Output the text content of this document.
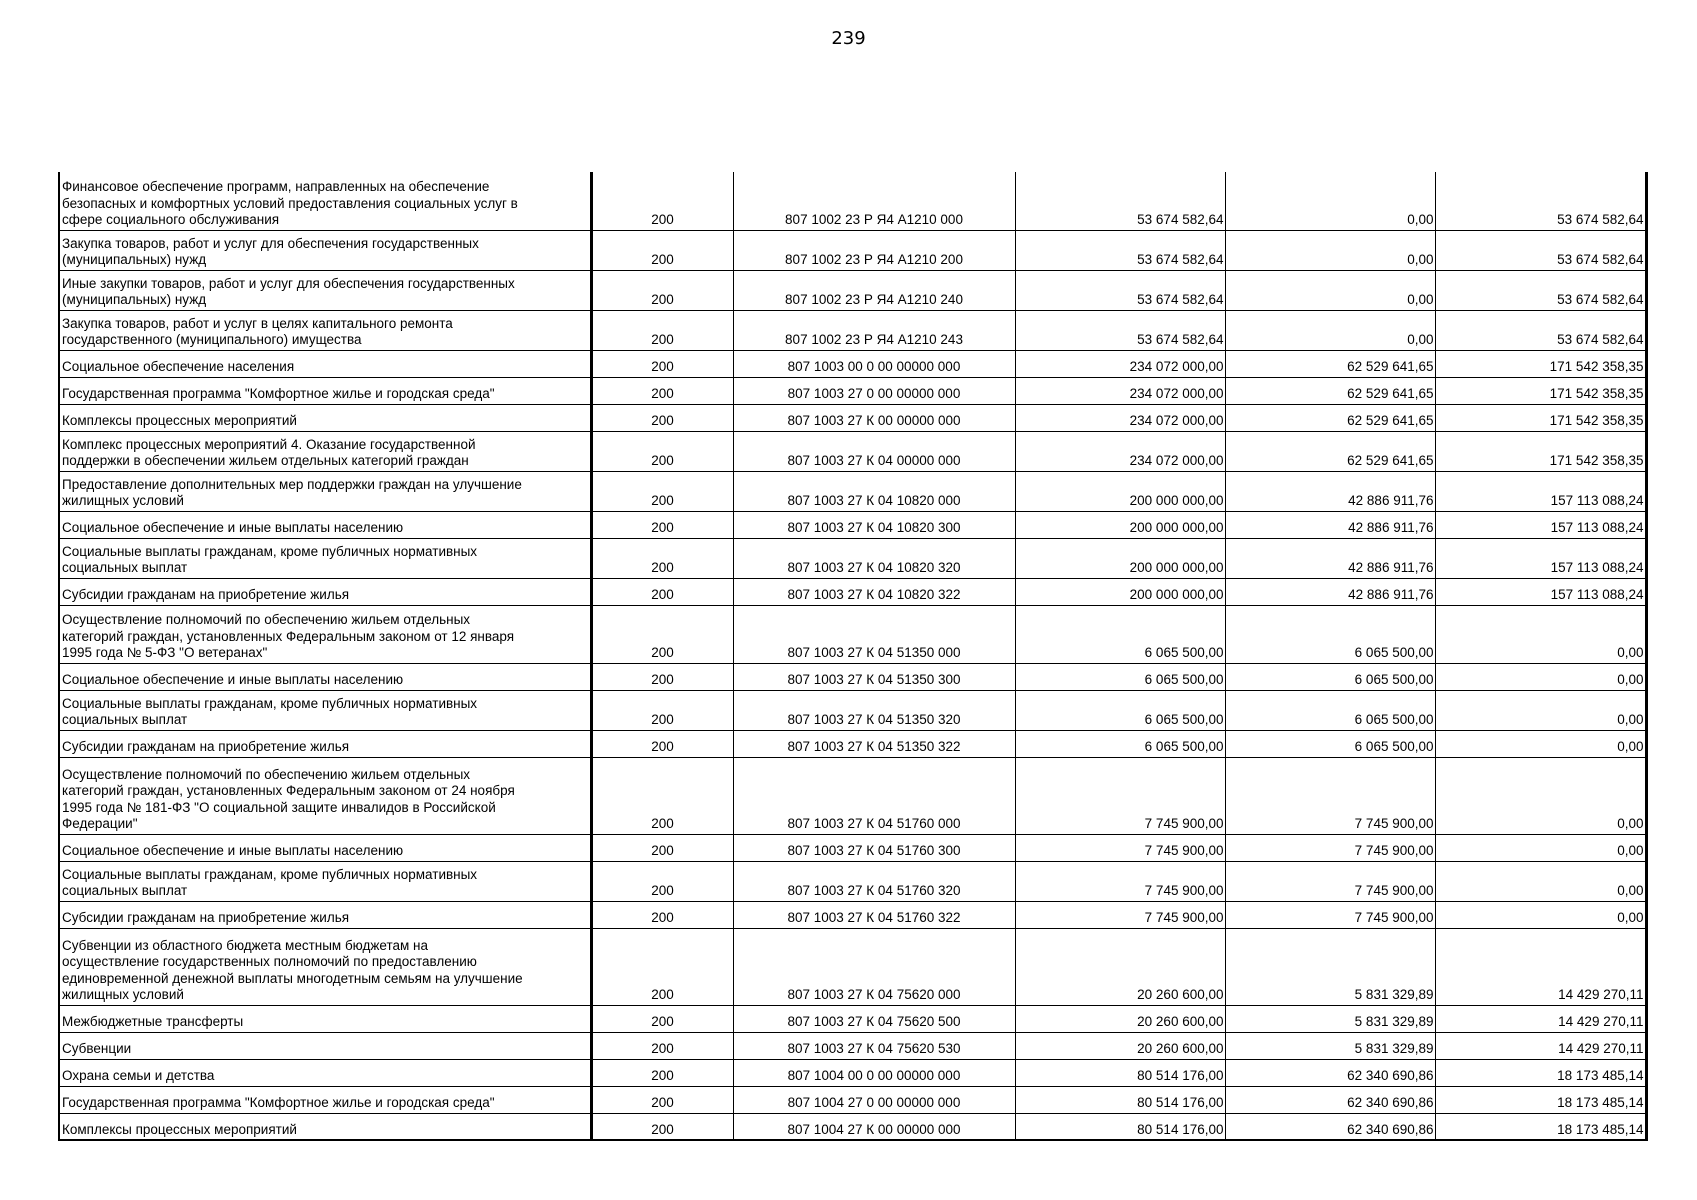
239
Финансовое обеспечение программ, направленных на обеспечение
безопасных и комфортных условий предоставления социальных услуг в
сфере социального обслуживания	200	807 1002 23 Р Я4 А1210 000	53 674 582,64	0,00	53 674 582,64
Закупка товаров, работ и услуг для обеспечения государственных
(муниципальных) нужд	200	807 1002 23 Р Я4 А1210 200	53 674 582,64	0,00	53 674 582,64
Иные закупки товаров, работ и услуг для обеспечения государственных
(муниципальных) нужд	200	807 1002 23 Р Я4 А1210 240	53 674 582,64	0,00	53 674 582,64
Закупка товаров, работ и услуг в целях капитального ремонта
государственного (муниципального) имущества	200	807 1002 23 Р Я4 А1210 243	53 674 582,64	0,00	53 674 582,64
Социальное обеспечение населения	200	807 1003 00 0 00 00000 000	234 072 000,00	62 529 641,65	171 542 358,35
Государственная программа "Комфортное жилье и городская среда"	200	807 1003 27 0 00 00000 000	234 072 000,00	62 529 641,65	171 542 358,35
Комплексы процессных мероприятий	200	807 1003 27 К 00 00000 000	234 072 000,00	62 529 641,65	171 542 358,35
Комплекс процессных мероприятий 4. Оказание государственной
поддержки в обеспечении жильем отдельных категорий граждан	200	807 1003 27 К 04 00000 000	234 072 000,00	62 529 641,65	171 542 358,35
Предоставление дополнительных мер поддержки граждан на улучшение
жилищных условий	200	807 1003 27 К 04 10820 000	200 000 000,00	42 886 911,76	157 113 088,24
Социальное обеспечение и иные выплаты населению	200	807 1003 27 К 04 10820 300	200 000 000,00	42 886 911,76	157 113 088,24
Социальные выплаты гражданам, кроме публичных нормативных
социальных выплат	200	807 1003 27 К 04 10820 320	200 000 000,00	42 886 911,76	157 113 088,24
Субсидии гражданам на приобретение жилья	200	807 1003 27 К 04 10820 322	200 000 000,00	42 886 911,76	157 113 088,24
Осуществление полномочий по обеспечению жильем отдельных
категорий граждан, установленных Федеральным законом от 12 января
1995 года № 5-ФЗ "О ветеранах"	200	807 1003 27 К 04 51350 000	6 065 500,00	6 065 500,00	0,00
Социальное обеспечение и иные выплаты населению	200	807 1003 27 К 04 51350 300	6 065 500,00	6 065 500,00	0,00
Социальные выплаты гражданам, кроме публичных нормативных
социальных выплат	200	807 1003 27 К 04 51350 320	6 065 500,00	6 065 500,00	0,00
Субсидии гражданам на приобретение жилья	200	807 1003 27 К 04 51350 322	6 065 500,00	6 065 500,00	0,00
Осуществление полномочий по обеспечению жильем отдельных
категорий граждан, установленных Федеральным законом от 24 ноября
1995 года № 181-ФЗ "О социальной защите инвалидов в Российской
Федерации"	200	807 1003 27 К 04 51760 000	7 745 900,00	7 745 900,00	0,00
Социальное обеспечение и иные выплаты населению	200	807 1003 27 К 04 51760 300	7 745 900,00	7 745 900,00	0,00
Социальные выплаты гражданам, кроме публичных нормативных
социальных выплат	200	807 1003 27 К 04 51760 320	7 745 900,00	7 745 900,00	0,00
Субсидии гражданам на приобретение жилья	200	807 1003 27 К 04 51760 322	7 745 900,00	7 745 900,00	0,00
Субвенции из областного бюджета местным бюджетам на
осуществление государственных полномочий по предоставлению
единовременной денежной выплаты многодетным семьям на улучшение
жилищных условий	200	807 1003 27 К 04 75620 000	20 260 600,00	5 831 329,89	14 429 270,11
Межбюджетные трансферты	200	807 1003 27 К 04 75620 500	20 260 600,00	5 831 329,89	14 429 270,11
Субвенции	200	807 1003 27 К 04 75620 530	20 260 600,00	5 831 329,89	14 429 270,11
Охрана семьи и детства	200	807 1004 00 0 00 00000 000	80 514 176,00	62 340 690,86	18 173 485,14
Государственная программа "Комфортное жилье и городская среда"	200	807 1004 27 0 00 00000 000	80 514 176,00	62 340 690,86	18 173 485,14
Комплексы процессных мероприятий	200	807 1004 27 К 00 00000 000	80 514 176,00	62 340 690,86	18 173 485,14
